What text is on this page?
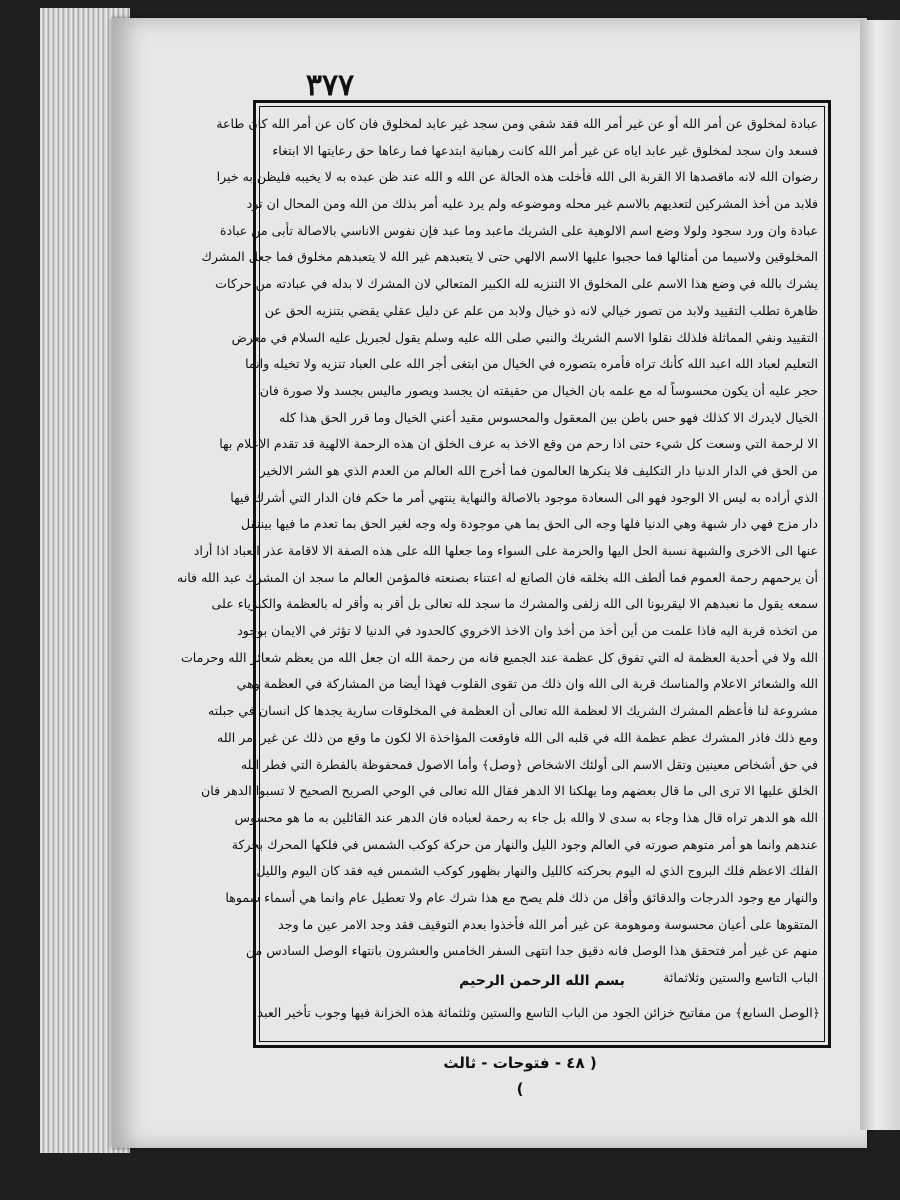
٣٧٧
عبادة لمخلوق عن أمر الله أو عن غير أمر الله فقد شقي ومن سجد غير عابد لمخلوق فان كان عن أمر الله كان طاعة
فسعد وان سجد لمخلوق غير عابد اياه عن غير أمر الله كانت رهبانية ابتدعها فما رعاها حق رعايتها الا ابتغاء
رضوان الله لانه ماقصدها الا القربة الى الله فأخلت هذه الحالة عن الله و الله عند ظن عبده به لا يخيبه فليظن به خيرا
فلابد من أخذ المشركين لتعديهم بالاسم غير محله وموضوعه ولم يرد عليه أمر بذلك من الله ومن المحال ان ترد
عبادة وان ورد سجود ولولا وضع اسم الالوهية على الشريك ماعبد وما عبد فإن نفوس الاناسي بالاصالة تأبى من عبادة
المخلوقين ولاسيما من أمثالها فما حجبوا عليها الاسم الالهي حتى لا يتعبدهم غير الله لا يتعبدهم مخلوق فما جعل المشرك
يشرك بالله في وضع هذا الاسم على المخلوق الا التنزيه لله الكبير المتعالي لان المشرك لا بدله في عبادته من حركات
ظاهرة تطلب التقييد ولابد من تصور خيالي لانه ذو خيال ولابد من علم عن دليل عقلي يقضي بتنزيه الحق عن
التقييد ونفي المماثلة فلذلك نقلوا الاسم الشريك والنبي صلى الله عليه وسلم يقول لجبريل عليه السلام في معرض
التعليم لعباد الله اعبد الله كأنك تراه فأمره بتصوره في الخيال من ابتغى أجر الله على العباد تنزيه ولا تخيله وانما
حجر عليه أن يكون محسوساً له مع علمه بان الخيال من حقيقته ان يجسد ويصور ماليس بجسد ولا صورة فان
الخيال لايدرك الا كذلك فهو حس باطن بين المعقول والمحسوس مقيد أعني الخيال وما قرر الحق هذا كله
الا لرحمة التي وسعت كل شيء حتى اذا رحم من وقع الاخذ به عرف الخلق ان هذه الرحمة الالهية قد تقدم الاعلام بها
من الحق في الدار الدنيا دار التكليف فلا ينكرها العالمون فما أخرج الله العالم من العدم الذي هو الشر الالخير
الذي أراده به ليس الا الوجود فهو الى السعادة موجود بالاصالة والنهاية ينتهي أمر ما حكم فان الدار التي أشرك فيها
دار مزج فهي دار شبهة وهي الدنيا فلها وجه الى الحق بما هي موجودة وله وجه لغير الحق بما تعدم ما فيها بينتقل
عنها الى الاخرى والشبهة نسبة الحل اليها والحرمة على السواء وما جعلها الله على هذه الصفة الا لاقامة عذر العباد اذا أراد
أن يرحمهم رحمة العموم فما ألطف الله بخلقه فان الصانع له اعتناء بصنعته فالمؤمن العالم ما سجد ان المشرك عبد الله فانه
سمعه يقول ما نعبدهم الا ليقربونا الى الله زلفى والمشرك ما سجد لله تعالى بل أقر به وأقر له بالعظمة والكبرياء على
من اتخذه قربة اليه فاذا علمت من أين أخذ من أخذ وان الاخذ الاخروي كالحدود في الدنيا لا تؤثر في الايمان بوجود
الله ولا في أحدية العظمة له التي تفوق كل عظمة عند الجميع فانه من رحمة الله ان جعل الله من يعظم شعائر الله وحرمات
الله والشعائر الاعلام والمناسك قربة الى الله وان ذلك من تقوى القلوب فهذا أيضا من المشاركة في العظمة وهي
مشروعة لنا فأعظم المشرك الشريك الا لعظمة الله تعالى أن العظمة في المخلوقات سارية يجدها كل انسان في جبلته
ومع ذلك فاذر المشرك عظم عظمة الله في قلبه الى الله فاوقعت المؤاخذة الا لكون ما وقع من ذلك عن غير أمر الله
في حق أشخاص معينين وتقل الاسم الى أولئك الاشخاص ﴿وصل﴾ وأما الاصول فمحفوظة بالفطرة التي فطر الله
الخلق عليها الا ترى الى ما قال بعضهم وما يهلكنا الا الدهر فقال الله تعالى في الوحي الصريح الصحيح لا تسبوا الدهر فان
الله هو الدهر تراه قال هذا وجاء به سدى لا والله بل جاء به رحمة لعباده فان الدهر عند القائلين به ما هو محسوس
عندهم وانما هو أمر متوهم صورته في العالم وجود الليل والنهار من حركة كوكب الشمس في فلكها المحرك بحركة
الفلك الاعظم فلك البروج الذي له اليوم بحركته كالليل والنهار بظهور كوكب الشمس فيه فقد كان اليوم والليل
والنهار مع وجود الدرجات والدقائق وأقل من ذلك فلم يصح مع هذا شرك عام ولا تعطيل عام وانما هي أسماء سموها
المتقوها على أعيان محسوسة وموهومة عن غير أمر الله فأخذوا بعدم التوقيف فقد وجد الامر عين ما وجد
منهم عن غير أمر فتحقق هذا الوصل فانه دقيق جدا انتهى السفر الخامس والعشرون بانتهاء الوصل السادس من
الباب التاسع والستين وثلاثمائة
بسم الله الرحمن الرحيم
﴿الوصل السابع﴾ من مفاتيح خزائن الجود من الباب التاسع والستين وثلثمائة هذه الخزانة فيها وجوب تأخير العبد
( ٤٨ - فتوحات - ثالث )
